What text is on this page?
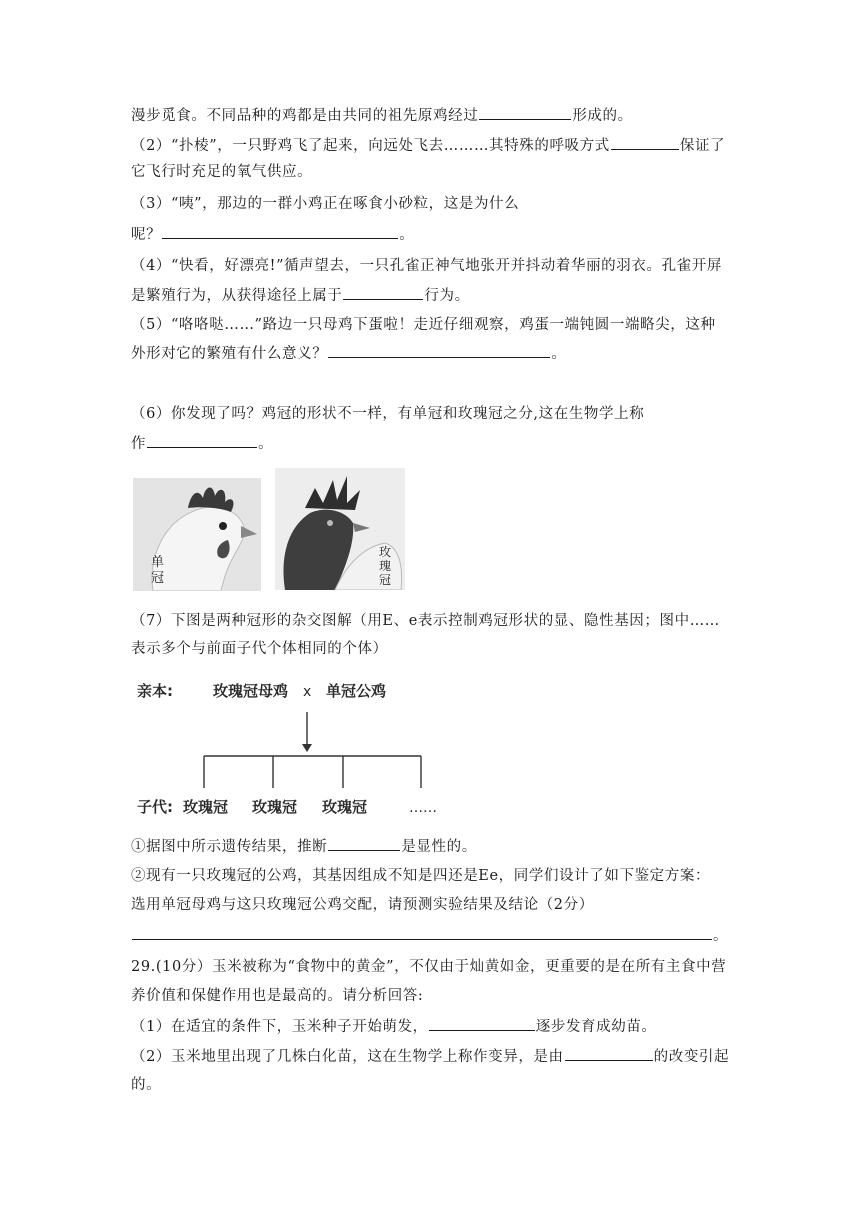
漫步觅食。不同品种的鸡都是由共同的祖先原鸡经过	形成的。
（2）“扑棱”，一只野鸡飞了起来，向远处飞去………其特殊的呼吸方式	保证了
它飞行时充足的氧气供应。
（3）“咦”，那边的一群小鸡正在啄食小砂粒，这是为什么
呢？	。
（4）“快看，好漂亮!”循声望去，一只孔雀正神气地张开并抖动着华丽的羽衣。孔雀开屏
是繁殖行为，从获得途径上属于	行为。
（5）“咯咯哒……”路边一只母鸡下蛋啦！走近仔细观察，鸡蛋一端钝圆一端略尖，这种
外形对它的繁殖有什么意义？	。
（6）你发现了吗？鸡冠的形状不一样，有单冠和玫瑰冠之分,这在生物学上称
作	。
单
冠
玫
瑰
冠
（7）下图是两种冠形的杂交图解（用E、e表示控制鸡冠形状的显、隐性基因；图中……
表示多个与前面子代个体相同的个体）
亲本:	玫瑰冠母鸡 x 单冠公鸡
子代: 玫瑰冠 玫瑰冠 玫瑰冠	……
①据图中所示遗传结果，推断	是显性的。
②现有一只玫瑰冠的公鸡，其基因组成不知是四还是Ee，同学们设计了如下鉴定方案：
选用单冠母鸡与这只玫瑰冠公鸡交配，请预测实验结果及结论（2分）
。
29.(10分）玉米被称为“食物中的黄金”，不仅由于灿黄如金，更重要的是在所有主食中营
养价值和保健作用也是最高的。请分析回答:
（1）在适宜的条件下，玉米种子开始萌发，	逐步发育成幼苗。
（2）玉米地里出现了几株白化苗，这在生物学上称作变异，是由	的改变引起
的。
